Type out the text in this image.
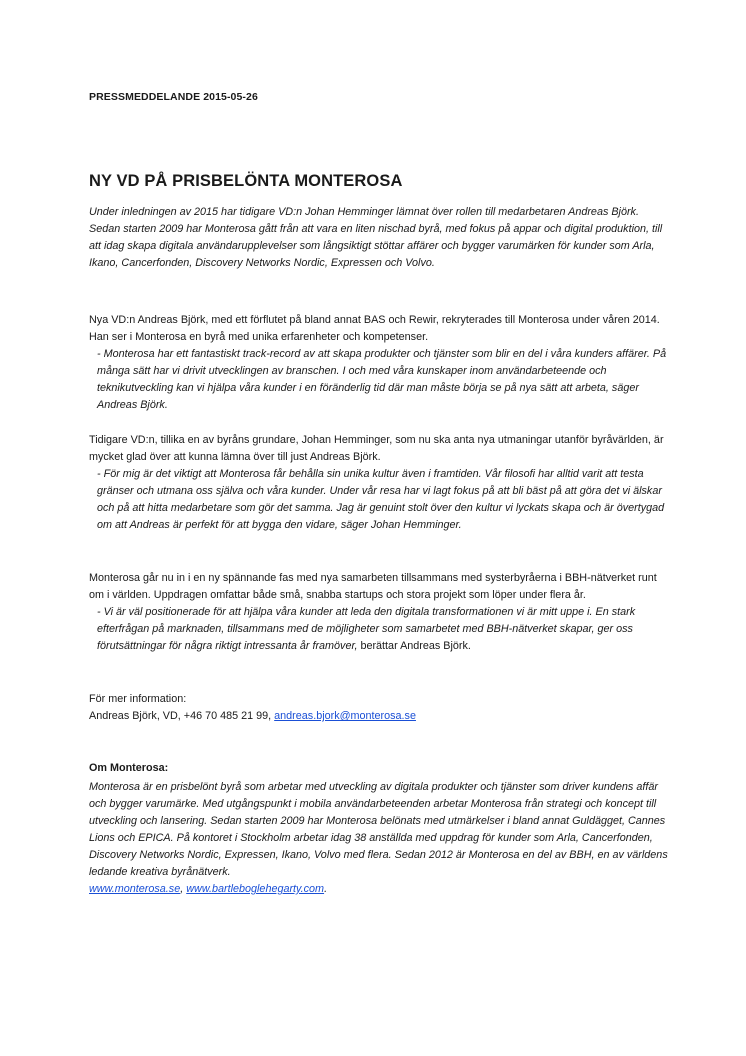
PRESSMEDDELANDE 2015-05-26

NY VD PÅ PRISBELÖNTA MONTEROSA

Under inledningen av 2015 har tidigare VD:n Johan Hemminger lämnat över rollen till medarbetaren Andreas Björk. Sedan starten 2009 har Monterosa gått från att vara en liten nischad byrå, med fokus på appar och digital produktion, till att idag skapa digitala användarupplevelser som långsiktigt stöttar affärer och bygger varumärken för kunder som Arla, Ikano, Cancerfonden, Discovery Networks Nordic, Expressen och Volvo.

Nya VD:n Andreas Björk, med ett förflutet på bland annat BAS och Rewir, rekryterades till Monterosa under våren 2014. Han ser i Monterosa en byrå med unika erfarenheter och kompetenser.

- Monterosa har ett fantastiskt track-record av att skapa produkter och tjänster som blir en del i våra kunders affärer. På många sätt har vi drivit utvecklingen av branschen. I och med våra kunskaper inom användarbeteende och teknikutveckling kan vi hjälpa våra kunder i en föränderlig tid där man måste börja se på nya sätt att arbeta, säger Andreas Björk.

Tidigare VD:n, tillika en av byråns grundare, Johan Hemminger, som nu ska anta nya utmaningar utanför byråvärlden, är mycket glad över att kunna lämna över till just Andreas Björk.

- För mig är det viktigt att Monterosa får behålla sin unika kultur även i framtiden. Vår filosofi har alltid varit att testa gränser och utmana oss själva och våra kunder. Under vår resa har vi lagt fokus på att bli bäst på att göra det vi älskar och på att hitta medarbetare som gör det samma. Jag är genuint stolt över den kultur vi lyckats skapa och är övertygad om att Andreas är perfekt för att bygga den vidare, säger Johan Hemminger.

Monterosa går nu in i en ny spännande fas med nya samarbeten tillsammans med systerbyråerna i BBH-nätverket runt om i världen. Uppdragen omfattar både små, snabba startups och stora projekt som löper under flera år.

- Vi är väl positionerade för att hjälpa våra kunder att leda den digitala transformationen vi är mitt uppe i. En stark efterfrågan på marknaden, tillsammans med de möjligheter som samarbetet med BBH-nätverket skapar, ger oss förutsättningar för några riktigt intressanta år framöver, berättar Andreas Björk.

För mer information:

Andreas Björk, VD, +46 70 485 21 99, andreas.bjork@monterosa.se

Om Monterosa:

Monterosa är en prisbelönt byrå som arbetar med utveckling av digitala produkter och tjänster som driver kundens affär och bygger varumärke. Med utgångspunkt i mobila användarbeteenden arbetar Monterosa från strategi och koncept till utveckling och lansering. Sedan starten 2009 har Monterosa belönats med utmärkelser i bland annat Guldägget, Cannes Lions och EPICA. På kontoret i Stockholm arbetar idag 38 anställda med uppdrag för kunder som Arla, Cancerfonden, Discovery Networks Nordic, Expressen, Ikano, Volvo med flera. Sedan 2012 är Monterosa en del av BBH, en av världens ledande kreativa byrånätverk.

www.monterosa.se, www.bartleboglehegarty.com.
